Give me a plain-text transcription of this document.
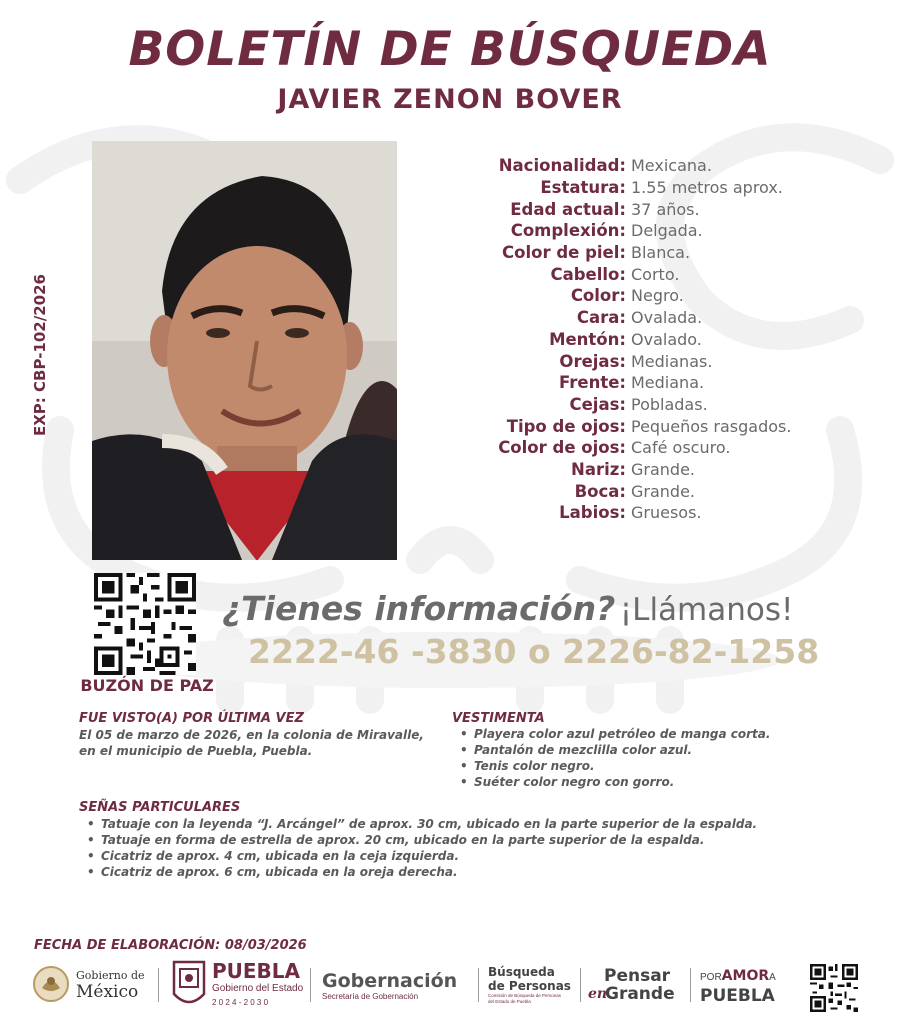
BOLETÍN DE BÚSQUEDA
JAVIER ZENON BOVER
EXP: CBP-102/2026
Nacionalidad: Mexicana.
Estatura: 1.55 metros aprox.
Edad actual: 37 años.
Complexión: Delgada.
Color de piel: Blanca.
Cabello: Corto.
Color: Negro.
Cara: Ovalada.
Mentón: Ovalado.
Orejas: Medianas.
Frente: Mediana.
Cejas: Pobladas.
Tipo de ojos: Pequeños rasgados.
Color de ojos: Café oscuro.
Nariz: Grande.
Boca: Grande.
Labios: Gruesos.
BUZÓN DE PAZ
¿Tienes información? ¡Llámanos!
2222-46 -3830 o 2226-82-1258
FUE VISTO(A) POR ÚLTIMA VEZ
El 05 de marzo de 2026, en la colonia de Miravalle, en el municipio de Puebla, Puebla.
VESTIMENTA
• Playera color azul petróleo de manga corta.
• Pantalón de mezclilla color azul.
• Tenis color negro.
• Suéter color negro con gorro.
SEÑAS PARTICULARES
• Tatuaje con la leyenda “J. Arcángel” de aprox. 30 cm, ubicado en la parte superior de la espalda.
• Tatuaje en forma de estrella de aprox. 20 cm, ubicado en la parte superior de la espalda.
• Cicatriz de aprox. 4 cm, ubicada en la ceja izquierda.
• Cicatriz de aprox. 6 cm, ubicada en la oreja derecha.
FECHA DE ELABORACIÓN: 08/03/2026
Gobierno de
México
PUEBLA
Gobierno del Estado
2 0 2 4 - 2 0 3 0
Gobernación
Secretaría de Gobernación
Búsqueda
de Personas
Comisión de Búsqueda de Personas del Estado de Puebla
Pensar
en
Grande
PORAMORA
PUEBLA
